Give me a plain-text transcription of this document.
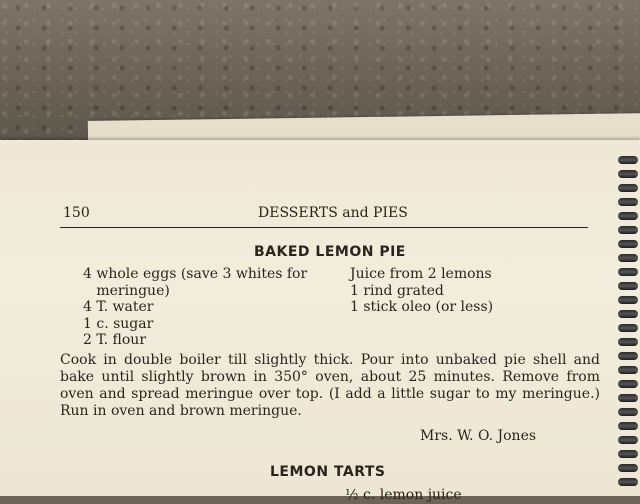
150	DESSERTS and PIES
BAKED LEMON PIE
4 whole eggs (save 3 whites for
meringue)
4 T. water
1 c. sugar
2 T. flour
Juice from 2 lemons
1 rind grated
1 stick oleo (or less)
Cook in double boiler till slightly thick. Pour into unbaked pie shell and bake until slightly brown in 350° oven, about 25 minutes. Remove from oven and spread meringue over top. (I add a little sugar to my meringue.) Run in oven and brown meringue.
Mrs. W. O. Jones
LEMON TARTS
½ c. lemon juice
